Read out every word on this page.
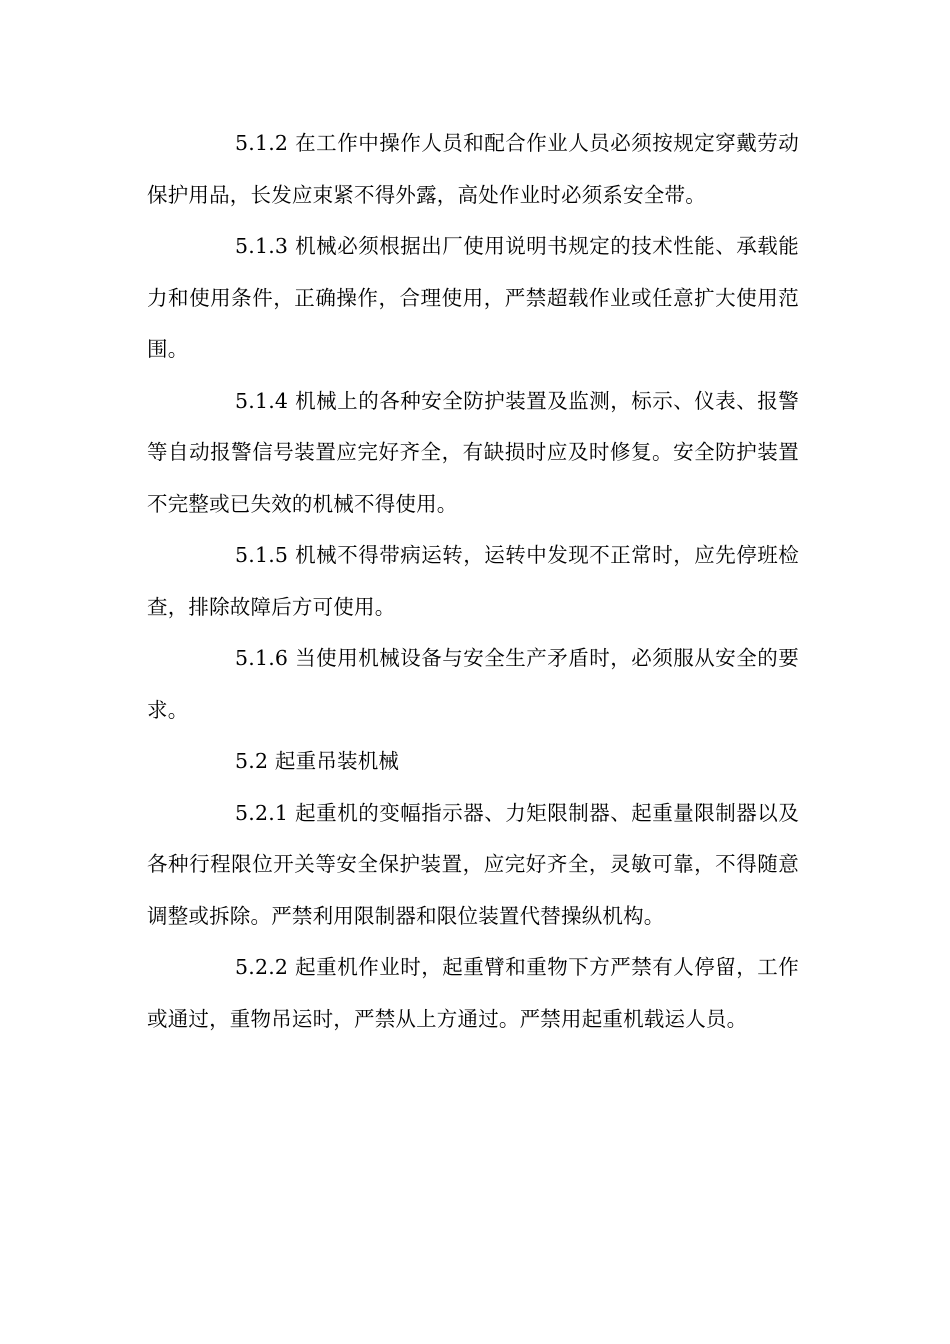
5.1.2 在工作中操作人员和配合作业人员必须按规定穿戴劳动保护用品，长发应束紧不得外露，高处作业时必须系安全带。

5.1.3 机械必须根据出厂使用说明书规定的技术性能、承载能力和使用条件，正确操作，合理使用，严禁超载作业或任意扩大使用范围。

5.1.4 机械上的各种安全防护装置及监测，标示、仪表、报警等自动报警信号装置应完好齐全，有缺损时应及时修复。安全防护装置不完整或已失效的机械不得使用。

5.1.5 机械不得带病运转，运转中发现不正常时，应先停班检查，排除故障后方可使用。

5.1.6 当使用机械设备与安全生产矛盾时，必须服从安全的要求。

5.2 起重吊装机械

5.2.1 起重机的变幅指示器、力矩限制器、起重量限制器以及各种行程限位开关等安全保护装置，应完好齐全，灵敏可靠，不得随意调整或拆除。严禁利用限制器和限位装置代替操纵机构。

5.2.2 起重机作业时，起重臂和重物下方严禁有人停留，工作或通过，重物吊运时，严禁从上方通过。严禁用起重机载运人员。
